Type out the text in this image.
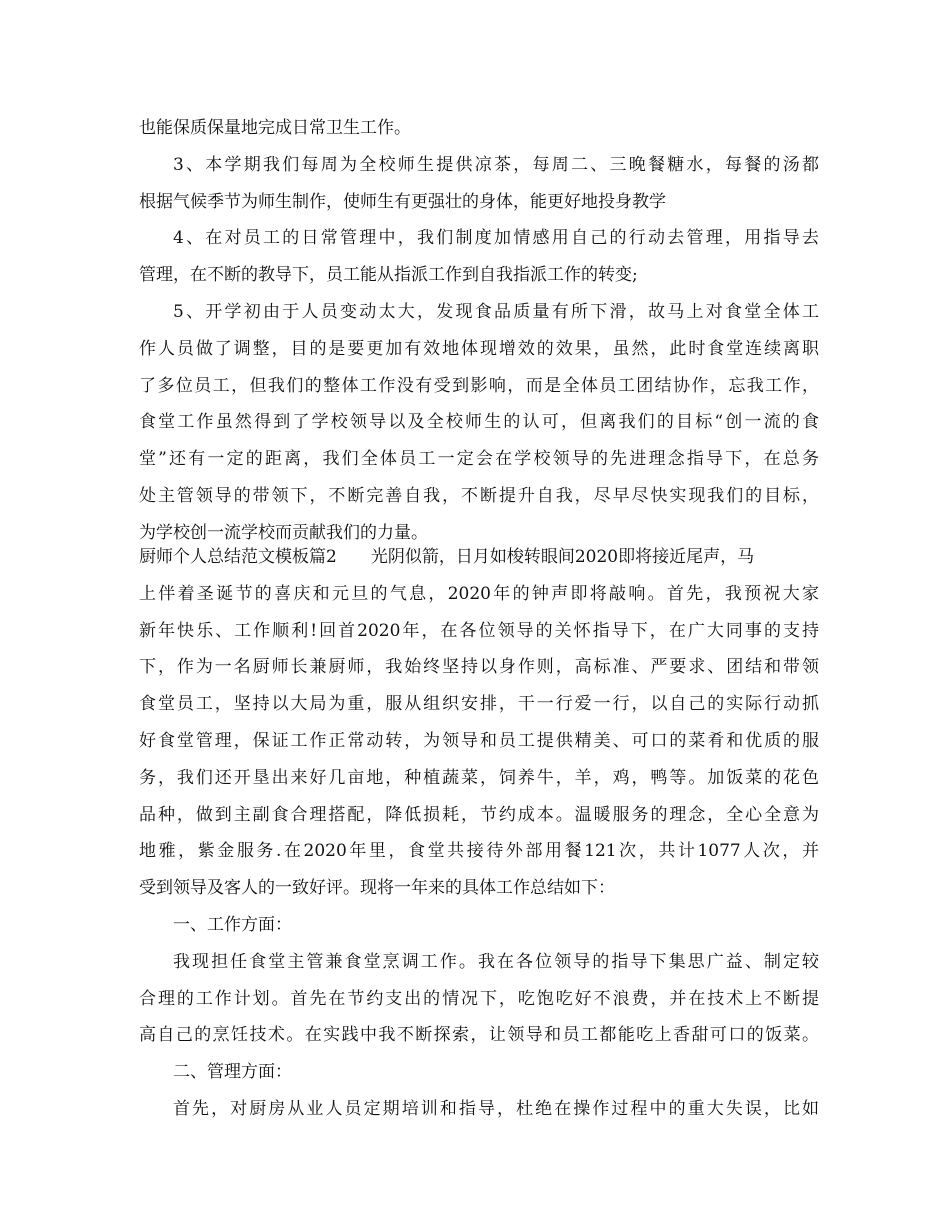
也能保质保量地完成日常卫生工作。
3、本学期我们每周为全校师生提供凉茶，每周二、三晚餐糖水，每餐的汤都
根据气候季节为师生制作，使师生有更强壮的身体，能更好地投身教学
4、在对员工的日常管理中，我们制度加情感用自己的行动去管理，用指导去
管理，在不断的教导下，员工能从指派工作到自我指派工作的转变;
5、开学初由于人员变动太大，发现食品质量有所下滑，故马上对食堂全体工
作人员做了调整，目的是要更加有效地体现增效的效果，虽然，此时食堂连续离职
了多位员工，但我们的整体工作没有受到影响，而是全体员工团结协作，忘我工作，
食堂工作虽然得到了学校领导以及全校师生的认可，但离我们的目标“创一流的食
堂”还有一定的距离，我们全体员工一定会在学校领导的先进理念指导下，在总务
处主管领导的带领下，不断完善自我，不断提升自我，尽早尽快实现我们的目标，
为学校创一流学校而贡献我们的力量。
厨师个人总结范文模板篇2 光阴似箭，日月如梭转眼间2020即将接近尾声，马
上伴着圣诞节的喜庆和元旦的气息，2020年的钟声即将敲响。首先，我预祝大家
新年快乐、工作顺利!回首2020年，在各位领导的关怀指导下，在广大同事的支持
下，作为一名厨师长兼厨师，我始终坚持以身作则，高标准、严要求、团结和带领
食堂员工，坚持以大局为重，服从组织安排，干一行爱一行，以自己的实际行动抓
好食堂管理，保证工作正常动转，为领导和员工提供精美、可口的菜肴和优质的服
务，我们还开垦出来好几亩地，种植蔬菜，饲养牛，羊，鸡，鸭等。加饭菜的花色
品种，做到主副食合理搭配，降低损耗，节约成本。温暖服务的理念，全心全意为
地雅，紫金服务.在2020年里，食堂共接待外部用餐121次，共计1077人次，并
受到领导及客人的一致好评。现将一年来的具体工作总结如下：
一、工作方面：
我现担任食堂主管兼食堂烹调工作。我在各位领导的指导下集思广益、制定较
合理的工作计划。首先在节约支出的情况下，吃饱吃好不浪费，并在技术上不断提
高自己的烹饪技术。在实践中我不断探索，让领导和员工都能吃上香甜可口的饭菜。
二、管理方面：
首先，对厨房从业人员定期培训和指导，杜绝在操作过程中的重大失误，比如
